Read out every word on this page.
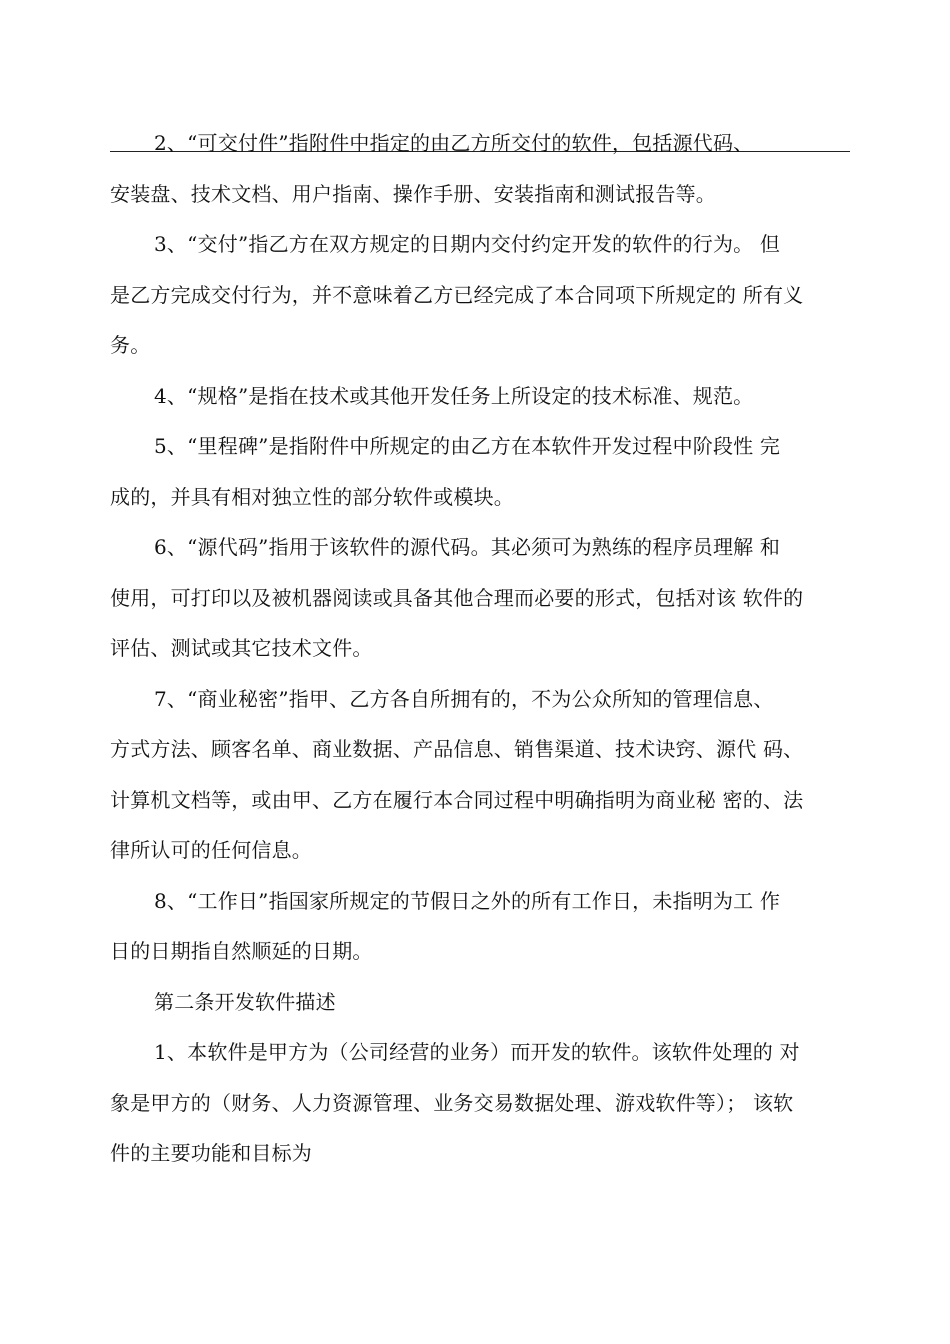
2、“可交付件”指附件中指定的由乙方所交付的软件，包括源代码、
安装盘、技术文档、用户指南、操作手册、安装指南和测试报告等。

3、“交付”指乙方在双方规定的日期内交付约定开发的软件的行为。 但
是乙方完成交付行为，并不意味着乙方已经完成了本合同项下所规定的 所有义
务。

4、“规格”是指在技术或其他开发任务上所设定的技术标准、规范。

5、“里程碑”是指附件中所规定的由乙方在本软件开发过程中阶段性 完
成的，并具有相对独立性的部分软件或模块。

6、“源代码”指用于该软件的源代码。其必须可为熟练的程序员理解 和
使用，可打印以及被机器阅读或具备其他合理而必要的形式，包括对该 软件的
评估、测试或其它技术文件。

7、“商业秘密”指甲、乙方各自所拥有的，不为公众所知的管理信息、
方式方法、顾客名单、商业数据、产品信息、销售渠道、技术诀窍、源代 码、
计算机文档等，或由甲、乙方在履行本合同过程中明确指明为商业秘 密的、法
律所认可的任何信息。

8、“工作日”指国家所规定的节假日之外的所有工作日，未指明为工 作
日的日期指自然顺延的日期。

第二条开发软件描述

1、本软件是甲方为（公司经营的业务）而开发的软件。该软件处理的 对
象是甲方的（财务、人力资源管理、业务交易数据处理、游戏软件等）； 该软
件的主要功能和目标为
